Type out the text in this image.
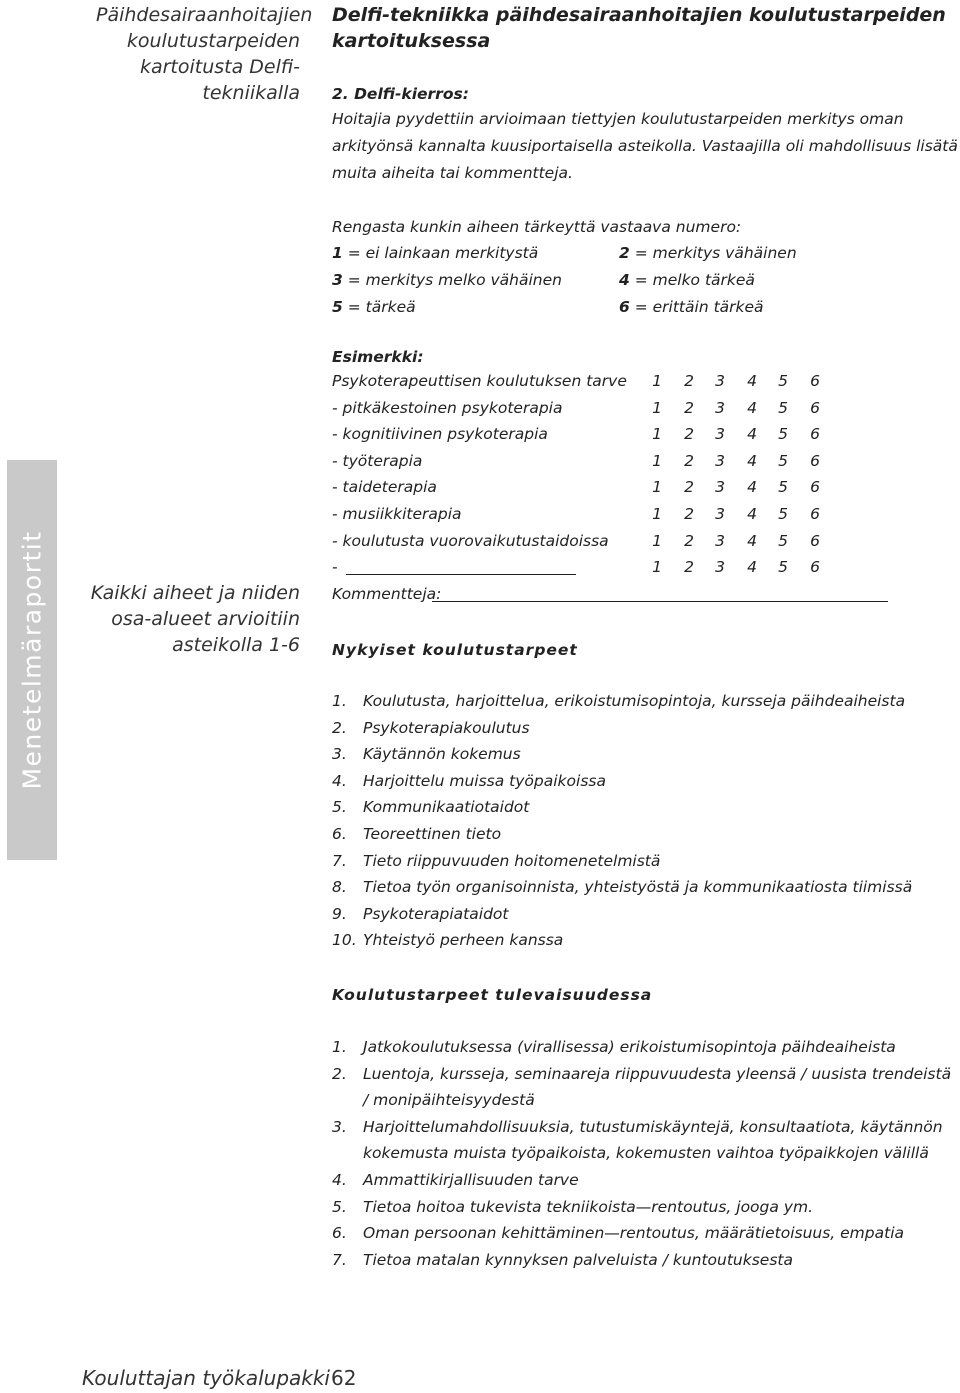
Päihdesairaanhoitajien koulutustarpeiden kartoitusta Delfi-tekniikalla
Menetelmäraportit Kaikki aiheet ja niiden osa-alueet arvioitiin asteikolla 1-6
Delfi-tekniikka päihdesairaanhoitajien koulutustarpeiden kartoituksessa
2. Delfi-kierros:
Hoitajia pyydettiin arvioimaan tiettyjen koulutustarpeiden merkitys oman arkityönsä kannalta kuusiportaisella asteikolla. Vastaajilla oli mahdollisuus lisätä muita aiheita tai kommentteja.
Rengasta kunkin aiheen tärkeyttä vastaava numero:
1 = ei lainkaan merkitystä	2 = merkitys vähäinen
3 = merkitys melko vähäinen	4 = melko tärkeä
5 = tärkeä	6 = erittäin tärkeä
Esimerkki:
Psykoterapeuttisen koulutuksen tarve 1 2 3 4 5 6
- pitkäkestoinen psykoterapia	1 2 3 4 5 6
- kognitiivinen psykoterapia	1 2 3 4 5 6
- työterapia	1 2 3 4 5 6
- taideterapia	1 2 3 4 5 6
- musiikkiterapia	1 2 3 4 5 6
- koulutusta vuorovaikutustaidoissa	1 2 3 4 5 6
-	1 2 3 4 5 6
Kommentteja:
Nykyiset koulutustarpeet
1. Koulutusta, harjoittelua, erikoistumisopintoja, kursseja päihdeaiheista
2. Psykoterapiakoulutus
3. Käytännön kokemus
4. Harjoittelu muissa työpaikoissa
5. Kommunikaatiotaidot
6. Teoreettinen tieto
7. Tieto riippuvuuden hoitomenetelmistä
8. Tietoa työn organisoinnista, yhteistyöstä ja kommunikaatiosta tiimissä
9. Psykoterapiataidot
10. Yhteistyö perheen kanssa
Koulutustarpeet tulevaisuudessa
1. Jatkokoulutuksessa (virallisessa) erikoistumisopintoja päihdeaiheista
2. Luentoja, kursseja, seminaareja riippuvuudesta yleensä / uusista trendeistä / monipäihteisyydestä
3. Harjoittelumahdollisuuksia, tutustumiskäyntejä, konsultaatiota, käytännön kokemusta muista työpaikoista, kokemusten vaihtoa työpaikkojen välillä
4. Ammattikirjallisuuden tarve
5. Tietoa hoitoa tukevista tekniikoista—rentoutus, jooga ym.
6. Oman persoonan kehittäminen—rentoutus, määrätietoisuus, empatia
7. Tietoa matalan kynnyksen palveluista / kuntoutuksesta
Kouluttajan työkalupakki 62
